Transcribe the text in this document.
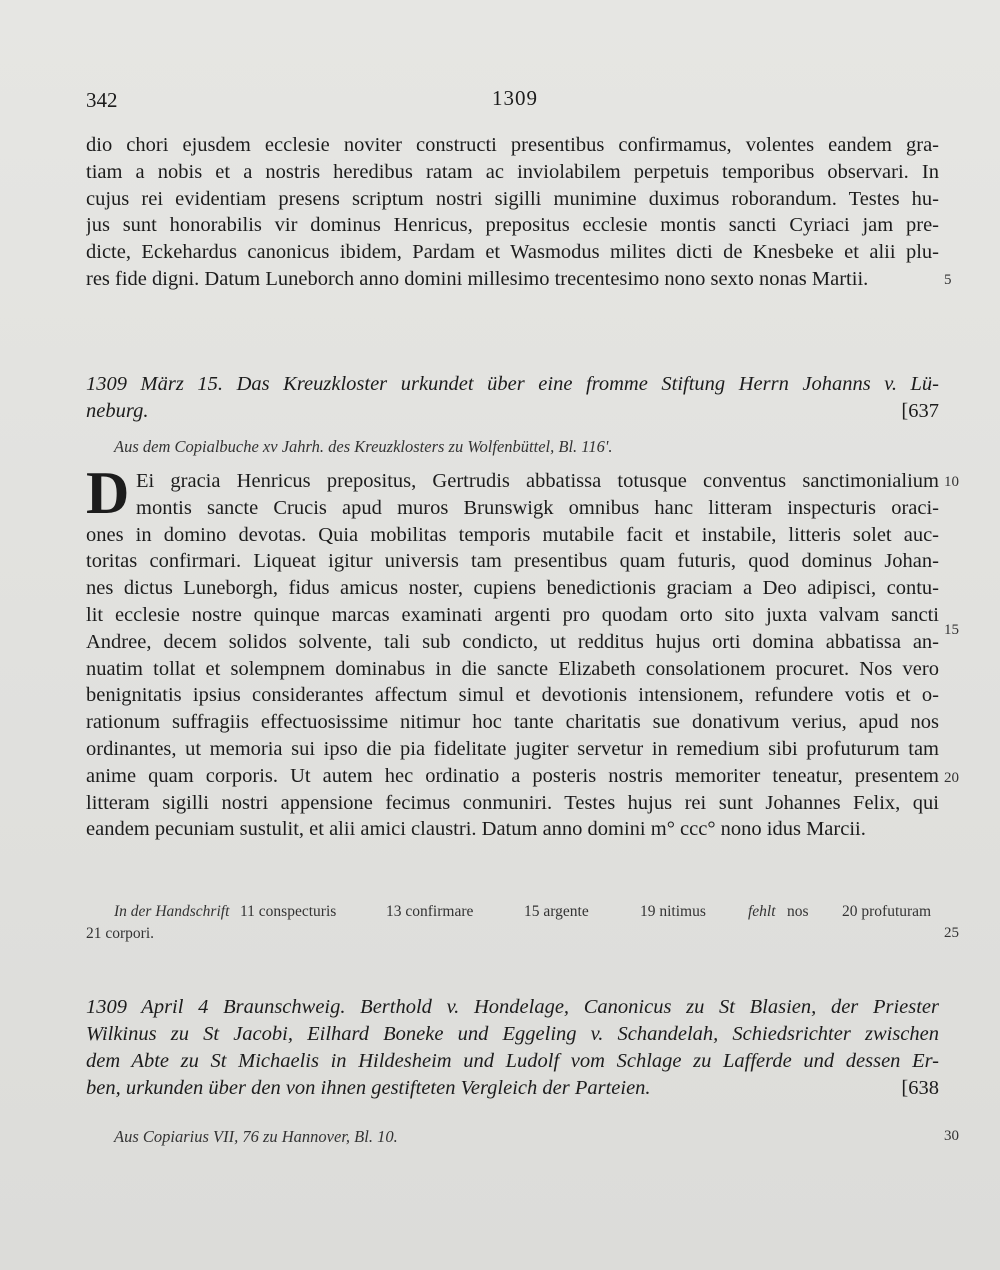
342	1309
dio chori ejusdem ecclesie noviter constructi presentibus confirmamus, volentes eandem gra-
tiam a nobis et a nostris heredibus ratam ac inviolabilem perpetuis temporibus observari. In
cujus rei evidentiam presens scriptum nostri sigilli munimine duximus roborandum. Testes hu-
jus sunt honorabilis vir dominus Henricus, prepositus ecclesie montis sancti Cyriaci jam pre-
dicte, Eckehardus canonicus ibidem, Pardam et Wasmodus milites dicti de Knesbeke et alii plu-
res fide digni. Datum Luneborch anno domini millesimo trecentesimo nono sexto nonas Martii.	5
1309 März 15. Das Kreuzkloster urkundet über eine fromme Stiftung Herrn Johanns v. Lü-
neburg.	[637
Aus dem Copialbuche xv Jahrh. des Kreuzklosters zu Wolfenbüttel, Bl. 116'.
D Ei gracia Henricus prepositus, Gertrudis abbatissa totusque conventus sanctimonialium
montis sancte Crucis apud muros Brunswigk omnibus hanc litteram inspecturis oraci-
ones in domino devotas. Quia mobilitas temporis mutabile facit et instabile, litteris solet auc-
toritas confirmari. Liqueat igitur universis tam presentibus quam futuris, quod dominus Johan-
nes dictus Luneborgh, fidus amicus noster, cupiens benedictionis graciam a Deo adipisci, contu-
lit ecclesie nostre quinque marcas examinati argenti pro quodam orto sito juxta valvam sancti
Andree, decem solidos solvente, tali sub condicto, ut redditus hujus orti domina abbatissa an-
nuatim tollat et solempnem dominabus in die sancte Elizabeth consolationem procuret. Nos vero
benignitatis ipsius considerantes affectum simul et devotionis intensionem, refundere votis et o-
rationum suffragiis effectuosissime nitimur hoc tante charitatis sue donativum verius, apud nos
ordinantes, ut memoria sui ipso die pia fidelitate jugiter servetur in remedium sibi profuturum tam
anime quam corporis. Ut autem hec ordinatio a posteris nostris memoriter teneatur, presentem
litteram sigilli nostri appensione fecimus conmuniri. Testes hujus rei sunt Johannes Felix, qui
eandem pecuniam sustulit, et alii amici claustri. Datum anno domini m° ccc° nono idus Marcii.
10
15
20
In der Handschrift 11 conspecturis	13 confirmare	15 argente	19 nitimus	fehlt nos 20 profuturam
21 corpori.	25
1309 April 4 Braunschweig. Berthold v. Hondelage, Canonicus zu St Blasien, der Priester
Wilkinus zu St Jacobi, Eilhard Boneke und Eggeling v. Schandelah, Schiedsrichter zwischen
dem Abte zu St Michaelis in Hildesheim und Ludolf vom Schlage zu Lafferde und dessen Er-
ben, urkunden über den von ihnen gestifteten Vergleich der Parteien.	[638
Aus Copiarius VII, 76 zu Hannover, Bl. 10.	30
